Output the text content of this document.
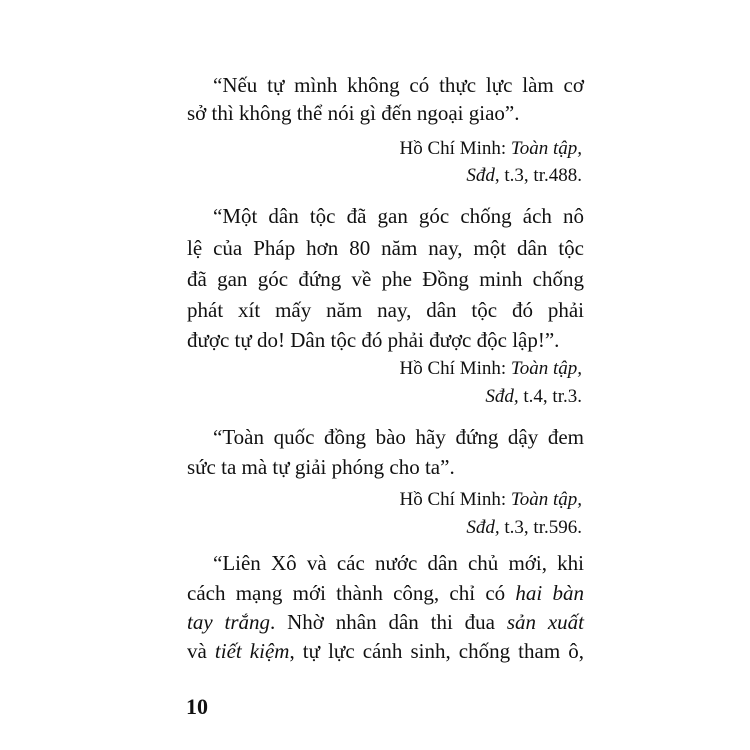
“Nếu tự mình không có thực lực làm cơ
sở thì không thể nói gì đến ngoại giao”.
Hồ Chí Minh: Toàn tập,
Sđd, t.3, tr.488.
“Một dân tộc đã gan góc chống ách nô
lệ của Pháp hơn 80 năm nay, một dân tộc
đã gan góc đứng về phe Đồng minh chống
phát xít mấy năm nay, dân tộc đó phải
được tự do! Dân tộc đó phải được độc lập!”.
Hồ Chí Minh: Toàn tập,
Sđd, t.4, tr.3.
“Toàn quốc đồng bào hãy đứng dậy đem
sức ta mà tự giải phóng cho ta”.
Hồ Chí Minh: Toàn tập,
Sđd, t.3, tr.596.
“Liên Xô và các nước dân chủ mới, khi
cách mạng mới thành công, chỉ có hai bàn
tay trắng. Nhờ nhân dân thi đua sản xuất
và tiết kiệm, tự lực cánh sinh, chống tham ô,
10
